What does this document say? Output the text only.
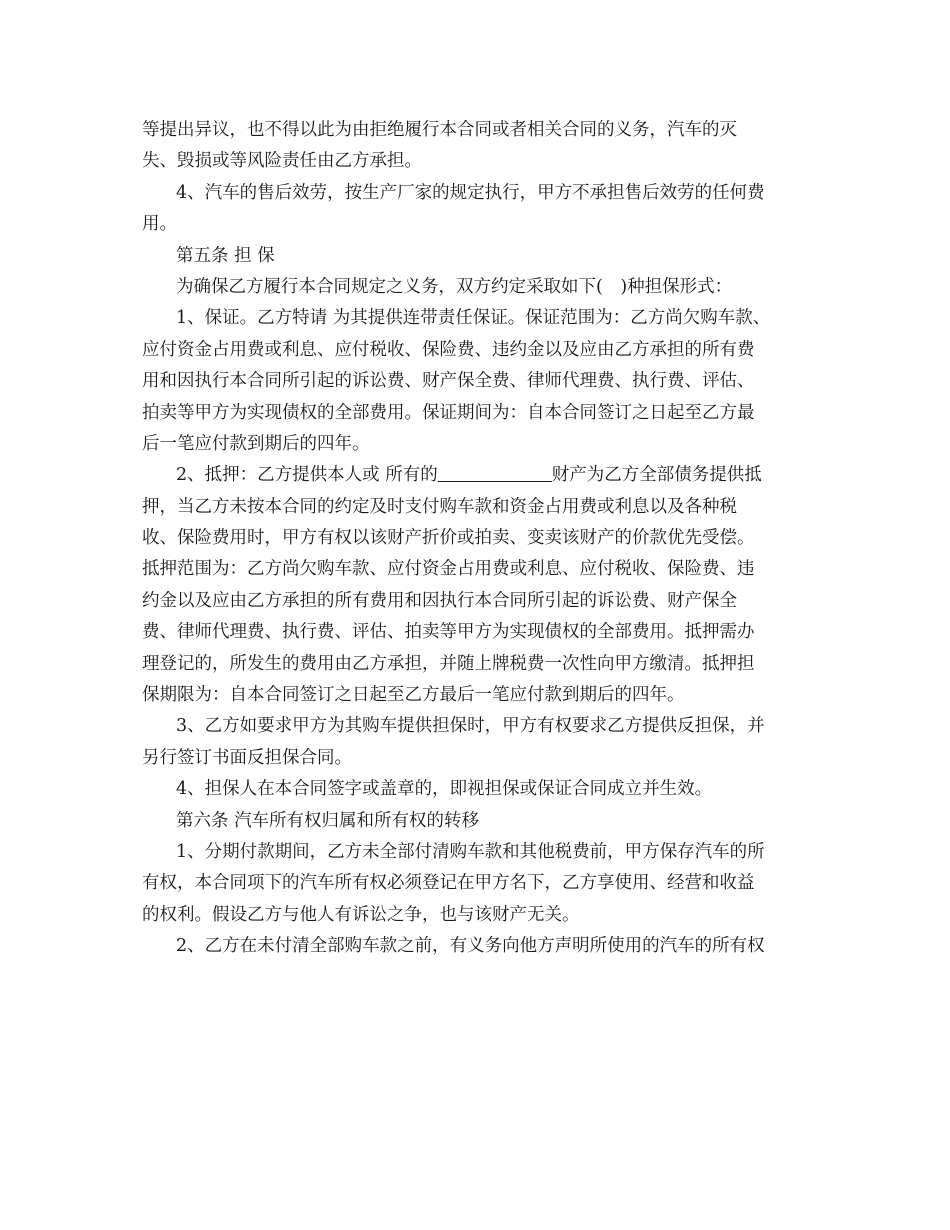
等提出异议，也不得以此为由拒绝履行本合同或者相关合同的义务，汽车的灭
失、毁损或等风险责任由乙方承担。
4、汽车的售后效劳，按生产厂家的规定执行，甲方不承担售后效劳的任何费
用。
第五条 担 保
为确保乙方履行本合同规定之义务，双方约定采取如下(　)种担保形式：
1、保证。乙方特请 为其提供连带责任保证。保证范围为：乙方尚欠购车款、
应付资金占用费或利息、应付税收、保险费、违约金以及应由乙方承担的所有费
用和因执行本合同所引起的诉讼费、财产保全费、律师代理费、执行费、评估、
拍卖等甲方为实现债权的全部费用。保证期间为：自本合同签订之日起至乙方最
后一笔应付款到期后的四年。
2、抵押：乙方提供本人或 所有的	财产为乙方全部债务提供抵
押，当乙方未按本合同的约定及时支付购车款和资金占用费或利息以及各种税
收、保险费用时，甲方有权以该财产折价或拍卖、变卖该财产的价款优先受偿。
抵押范围为：乙方尚欠购车款、应付资金占用费或利息、应付税收、保险费、违
约金以及应由乙方承担的所有费用和因执行本合同所引起的诉讼费、财产保全
费、律师代理费、执行费、评估、拍卖等甲方为实现债权的全部费用。抵押需办
理登记的，所发生的费用由乙方承担，并随上牌税费一次性向甲方缴清。抵押担
保期限为：自本合同签订之日起至乙方最后一笔应付款到期后的四年。
3、乙方如要求甲方为其购车提供担保时，甲方有权要求乙方提供反担保，并
另行签订书面反担保合同。
4、担保人在本合同签字或盖章的，即视担保或保证合同成立并生效。
第六条 汽车所有权归属和所有权的转移
1、分期付款期间，乙方未全部付清购车款和其他税费前，甲方保存汽车的所
有权，本合同项下的汽车所有权必须登记在甲方名下，乙方享使用、经营和收益
的权利。假设乙方与他人有诉讼之争，也与该财产无关。
2、乙方在未付清全部购车款之前，有义务向他方声明所使用的汽车的所有权
